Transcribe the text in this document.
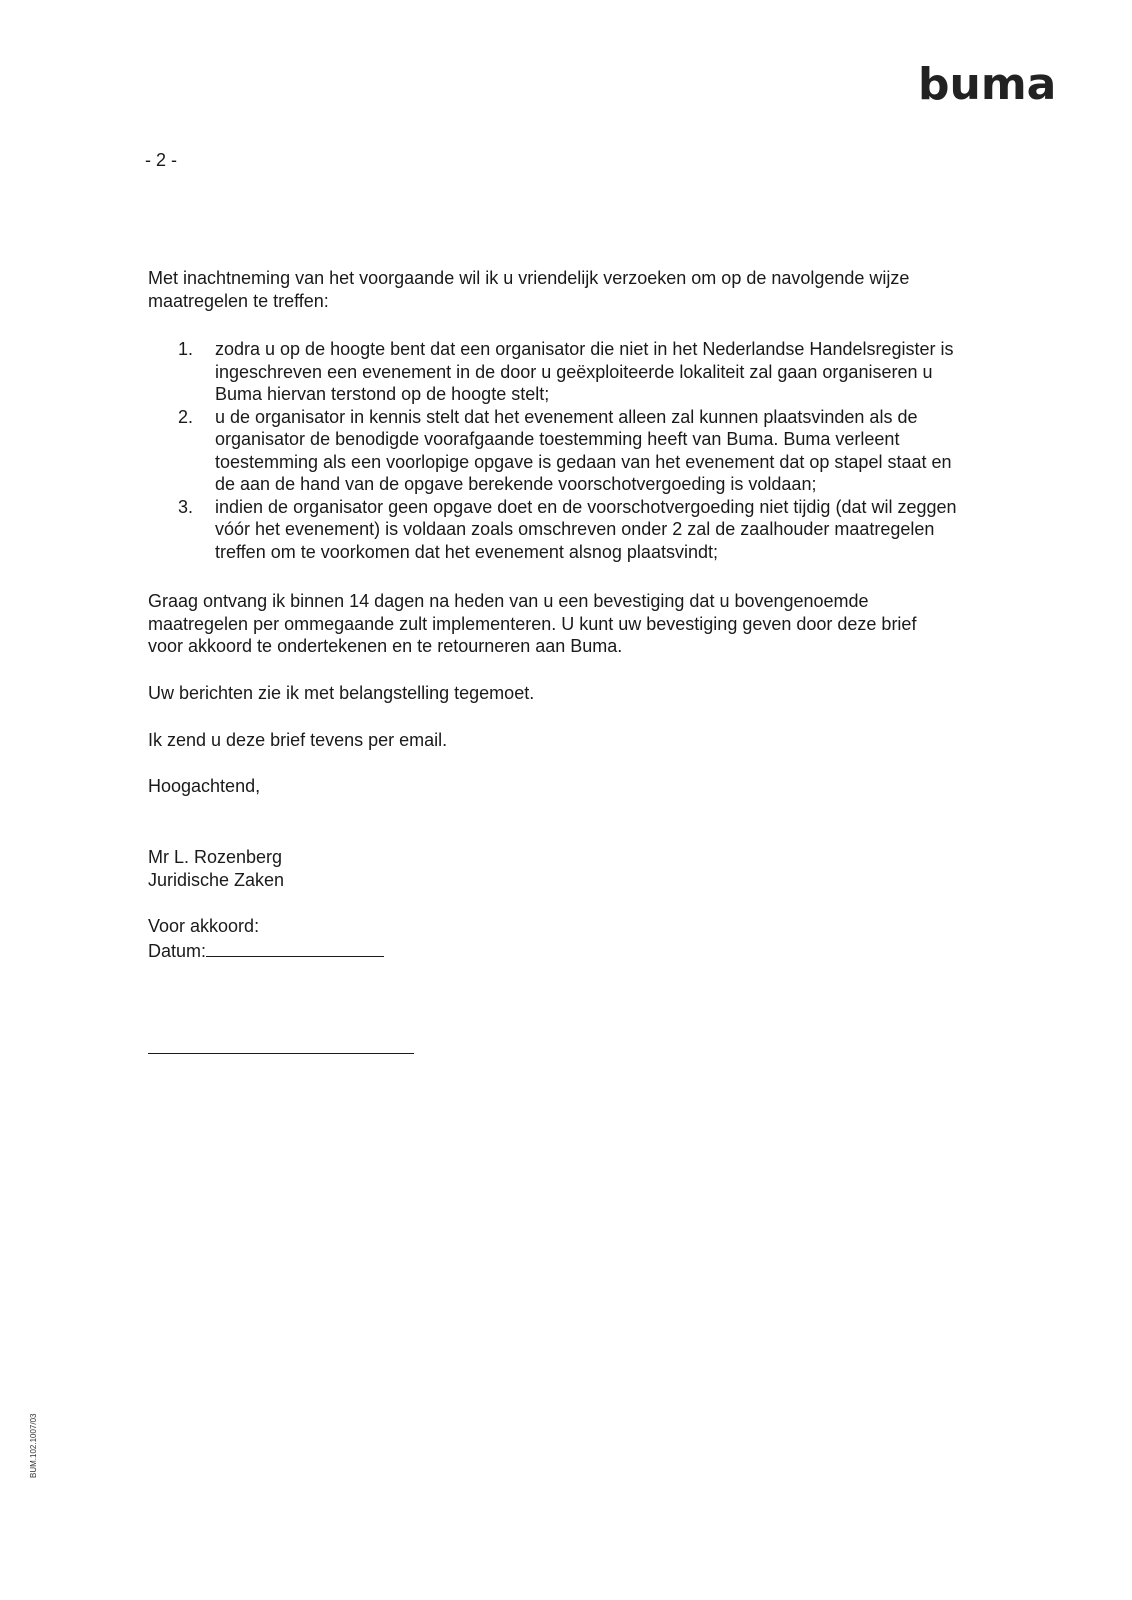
buma
- 2 -

Met inachtneming van het voorgaande wil ik u vriendelijk verzoeken om op de navolgende wijze
maatregelen te treffen:

1. zodra u op de hoogte bent dat een organisator die niet in het Nederlandse Handelsregister is
ingeschreven een evenement in de door u geëxploiteerde lokaliteit zal gaan organiseren u
Buma hiervan terstond op de hoogte stelt;
2. u de organisator in kennis stelt dat het evenement alleen zal kunnen plaatsvinden als de
organisator de benodigde voorafgaande toestemming heeft van Buma. Buma verleent
toestemming als een voorlopige opgave is gedaan van het evenement dat op stapel staat en
de aan de hand van de opgave berekende voorschotvergoeding is voldaan;
3. indien de organisator geen opgave doet en de voorschotvergoeding niet tijdig (dat wil zeggen
vóór het evenement) is voldaan zoals omschreven onder 2 zal de zaalhouder maatregelen
treffen om te voorkomen dat het evenement alsnog plaatsvindt;

Graag ontvang ik binnen 14 dagen na heden van u een bevestiging dat u bovengenoemde
maatregelen per ommegaande zult implementeren. U kunt uw bevestiging geven door deze brief
voor akkoord te ondertekenen en te retourneren aan Buma.

Uw berichten zie ik met belangstelling tegemoet.

Ik zend u deze brief tevens per email.

Hoogachtend,

Mr L. Rozenberg
Juridische Zaken

Voor akkoord:
Datum:

BUM.102.1007/03
